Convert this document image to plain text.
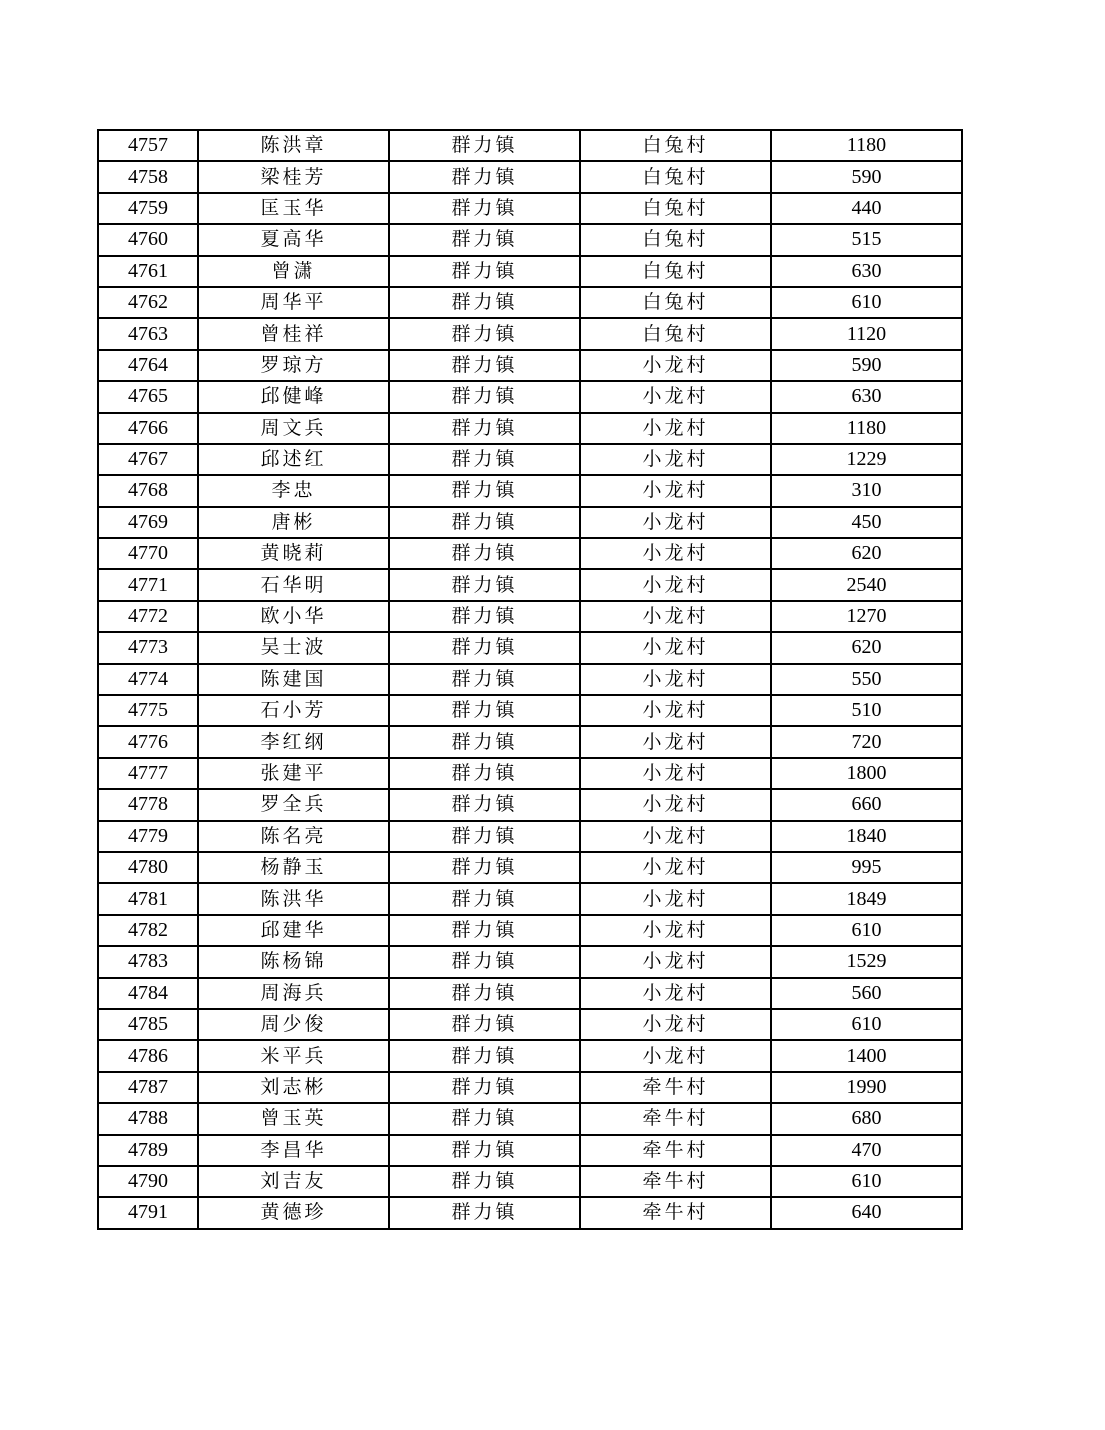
4757	陈洪章	群力镇	白兔村	1180
4758	梁桂芳	群力镇	白兔村	590
4759	匡玉华	群力镇	白兔村	440
4760	夏高华	群力镇	白兔村	515
4761	曾潇	群力镇	白兔村	630
4762	周华平	群力镇	白兔村	610
4763	曾桂祥	群力镇	白兔村	1120
4764	罗琼方	群力镇	小龙村	590
4765	邱健峰	群力镇	小龙村	630
4766	周文兵	群力镇	小龙村	1180
4767	邱述红	群力镇	小龙村	1229
4768	李忠	群力镇	小龙村	310
4769	唐彬	群力镇	小龙村	450
4770	黄晓莉	群力镇	小龙村	620
4771	石华明	群力镇	小龙村	2540
4772	欧小华	群力镇	小龙村	1270
4773	吴士波	群力镇	小龙村	620
4774	陈建国	群力镇	小龙村	550
4775	石小芳	群力镇	小龙村	510
4776	李红纲	群力镇	小龙村	720
4777	张建平	群力镇	小龙村	1800
4778	罗全兵	群力镇	小龙村	660
4779	陈名亮	群力镇	小龙村	1840
4780	杨静玉	群力镇	小龙村	995
4781	陈洪华	群力镇	小龙村	1849
4782	邱建华	群力镇	小龙村	610
4783	陈杨锦	群力镇	小龙村	1529
4784	周海兵	群力镇	小龙村	560
4785	周少俊	群力镇	小龙村	610
4786	米平兵	群力镇	小龙村	1400
4787	刘志彬	群力镇	牵牛村	1990
4788	曾玉英	群力镇	牵牛村	680
4789	李昌华	群力镇	牵牛村	470
4790	刘吉友	群力镇	牵牛村	610
4791	黄德珍	群力镇	牵牛村	640
